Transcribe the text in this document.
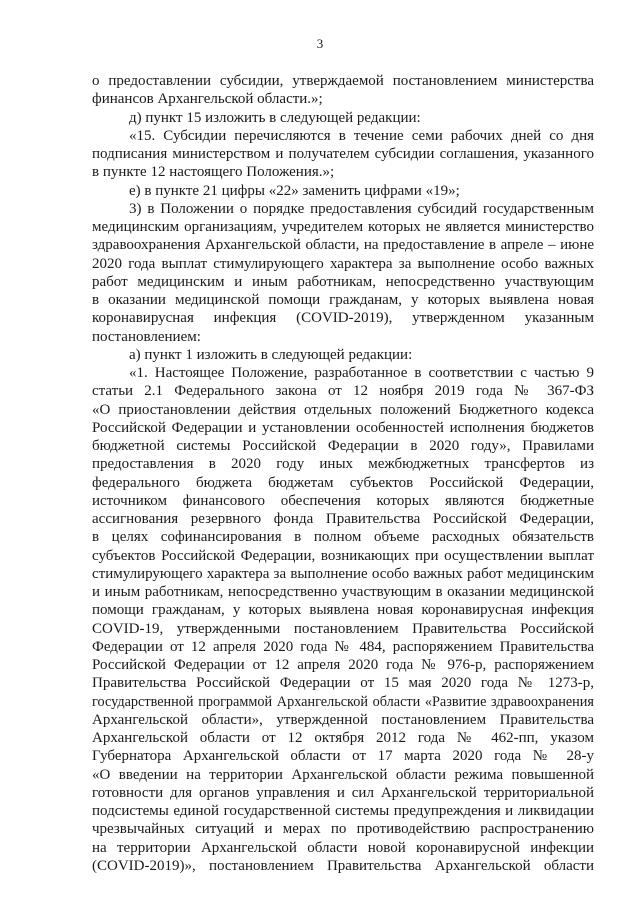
3

о предоставлении субсидии, утверждаемой постановлением министерства

финансов Архангельской области.»;

д) пункт 15 изложить в следующей редакции:

«15. Субсидии перечисляются в течение семи рабочих дней со дня

подписания министерством и получателем субсидии соглашения, указанного

в пункте 12 настоящего Положения.»;

е) в пункте 21 цифры «22» заменить цифрами «19»;

3) в Положении о порядке предоставления субсидий государственным

медицинским организациям, учредителем которых не является министерство

здравоохранения Архангельской области, на предоставление в апреле – июне

2020 года выплат стимулирующего характера за выполнение особо важных

работ медицинским и иным работникам, непосредственно участвующим

в оказании медицинской помощи гражданам, у которых выявлена новая

коронавирусная инфекция (COVID-2019), утвержденном указанным

постановлением:

а) пункт 1 изложить в следующей редакции:

«1. Настоящее Положение, разработанное в соответствии с частью 9

статьи 2.1 Федерального закона от 12 ноября 2019 года № 367-ФЗ

«О приостановлении действия отдельных положений Бюджетного кодекса

Российской Федерации и установлении особенностей исполнения бюджетов

бюджетной системы Российской Федерации в 2020 году», Правилами

предоставления в 2020 году иных межбюджетных трансфертов из

федерального бюджета бюджетам субъектов Российской Федерации,

источником финансового обеспечения которых являются бюджетные

ассигнования резервного фонда Правительства Российской Федерации,

в целях софинансирования в полном объеме расходных обязательств

субъектов Российской Федерации, возникающих при осуществлении выплат

стимулирующего характера за выполнение особо важных работ медицинским

и иным работникам, непосредственно участвующим в оказании медицинской

помощи гражданам, у которых выявлена новая коронавирусная инфекция

COVID-19, утвержденными постановлением Правительства Российской

Федерации от 12 апреля 2020 года № 484, распоряжением Правительства

Российской Федерации от 12 апреля 2020 года № 976-р, распоряжением

Правительства Российской Федерации от 15 мая 2020 года № 1273-р,

государственной программой Архангельской области «Развитие здравоохранения

Архангельской области», утвержденной постановлением Правительства

Архангельской области от 12 октября 2012 года № 462-пп, указом

Губернатора Архангельской области от 17 марта 2020 года № 28-у

«О введении на территории Архангельской области режима повышенной

готовности для органов управления и сил Архангельской территориальной

подсистемы единой государственной системы предупреждения и ликвидации

чрезвычайных ситуаций и мерах по противодействию распространению

на территории Архангельской области новой коронавирусной инфекции

(COVID-2019)», постановлением Правительства Архангельской области
